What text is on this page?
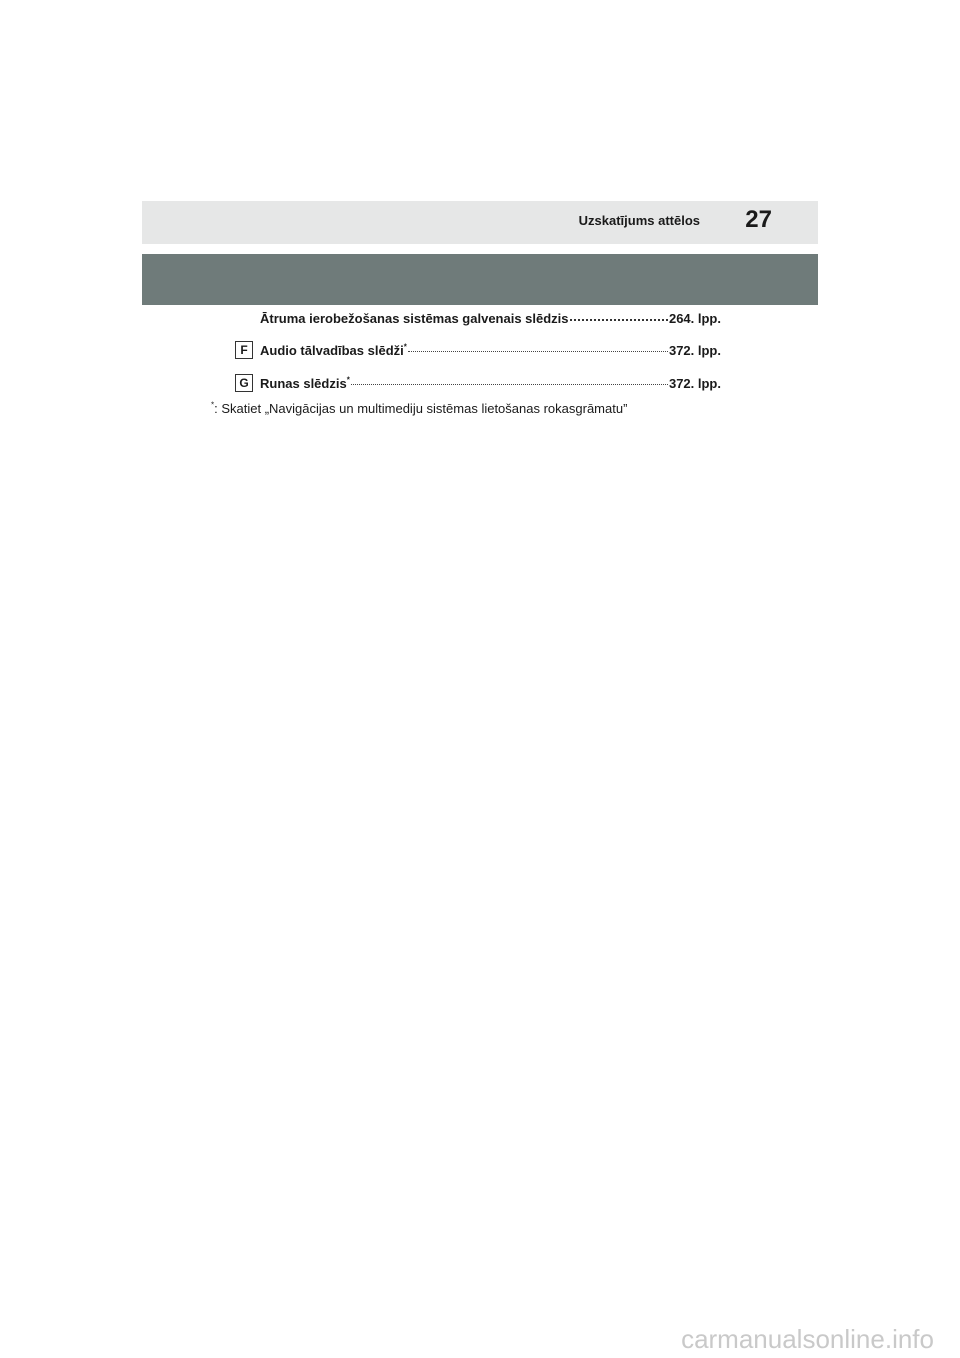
Uzskatījums attēlos 27
Ātruma ierobežošanas sistēmas galvenais slēdzis	264. lpp.
F Audio tālvadības slēdži*	372. lpp.
G Runas slēdzis*	372. lpp.
*: Skatiet „Navigācijas un multimediju sistēmas lietošanas rokasgrāmatu”
carmanualsonline.info
